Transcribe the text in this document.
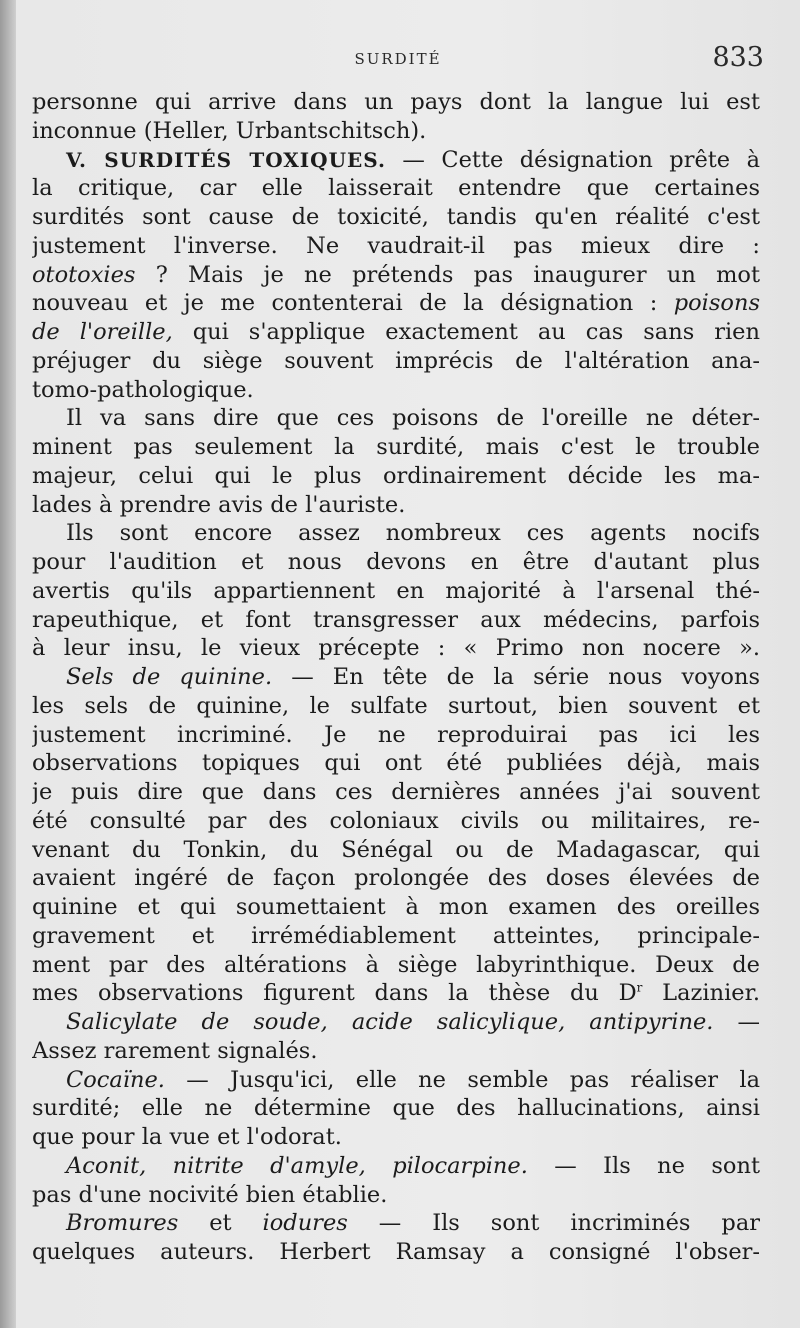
SURDITÉ	833
personne qui arrive dans un pays dont la langue lui est
inconnue (Heller, Urbantschitsch).
V. SURDITÉS TOXIQUES. — Cette désignation prête à
la critique, car elle laisserait entendre que certaines
surdités sont cause de toxicité, tandis qu'en réalité c'est
justement l'inverse. Ne vaudrait-il pas mieux dire :
ototoxies ? Mais je ne prétends pas inaugurer un mot
nouveau et je me contenterai de la désignation : poisons
de l'oreille, qui s'applique exactement au cas sans rien
préjuger du siège souvent imprécis de l'altération ana-
tomo-pathologique.
Il va sans dire que ces poisons de l'oreille ne déter-
minent pas seulement la surdité, mais c'est le trouble
majeur, celui qui le plus ordinairement décide les ma-
lades à prendre avis de l'auriste.
Ils sont encore assez nombreux ces agents nocifs
pour l'audition et nous devons en être d'autant plus
avertis qu'ils appartiennent en majorité à l'arsenal thé-
rapeuthique, et font transgresser aux médecins, parfois
à leur insu, le vieux précepte : « Primo non nocere ».
Sels de quinine. — En tête de la série nous voyons
les sels de quinine, le sulfate surtout, bien souvent et
justement incriminé. Je ne reproduirai pas ici les
observations topiques qui ont été publiées déjà, mais
je puis dire que dans ces dernières années j'ai souvent
été consulté par des coloniaux civils ou militaires, re-
venant du Tonkin, du Sénégal ou de Madagascar, qui
avaient ingéré de façon prolongée des doses élevées de
quinine et qui soumettaient à mon examen des oreilles
gravement et irrémédiablement atteintes, principale-
ment par des altérations à siège labyrinthique. Deux de
mes observations figurent dans la thèse du $D^r$ Lazinier.
Salicylate de soude, acide salicylique, antipyrine. —
Assez rarement signalés.
Cocaïne. — Jusqu'ici, elle ne semble pas réaliser la
surdité; elle ne détermine que des hallucinations, ainsi
que pour la vue et l'odorat.
Aconit, nitrite d'amyle, pilocarpine. — Ils ne sont
pas d'une nocivité bien établie.
Bromures et iodures — Ils sont incriminés par
quelques auteurs. Herbert Ramsay a consigné l'obser-
